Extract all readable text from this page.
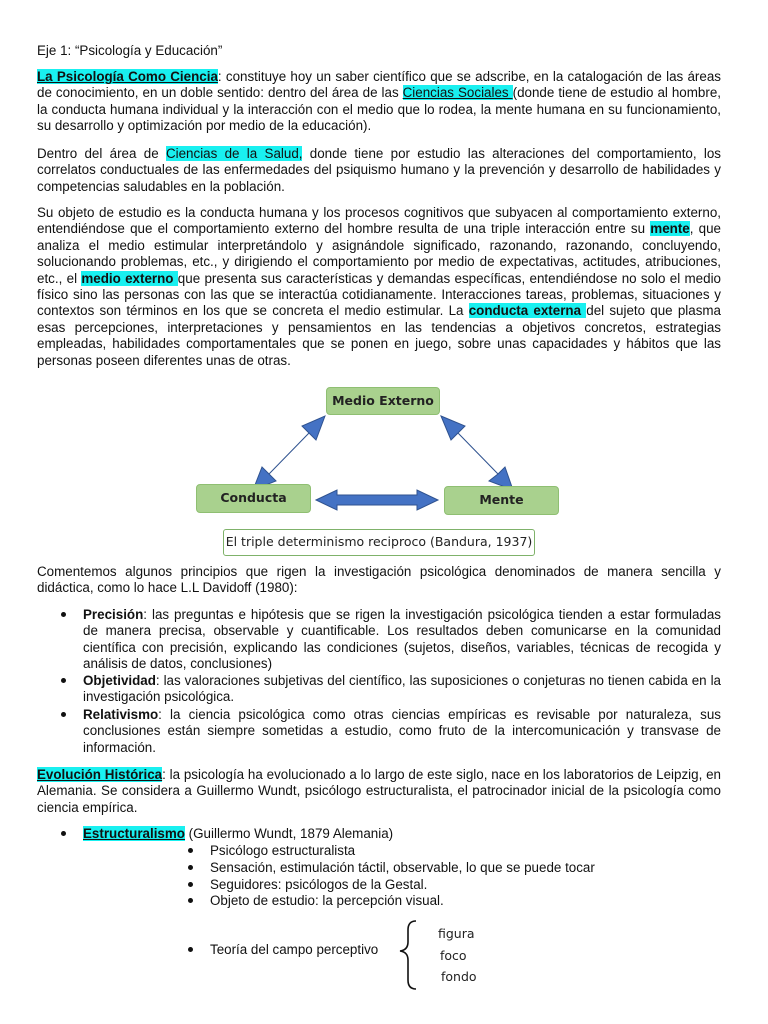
Eje 1: “Psicología y Educación”
La Psicología Como Ciencia: constituye hoy un saber científico que se adscribe, en la catalogación de las áreas de conocimiento, en un doble sentido: dentro del área de las Ciencias Sociales (donde tiene de estudio al hombre, la conducta humana individual y la interacción con el medio que lo rodea, la mente humana en su funcionamiento, su desarrollo y optimización por medio de la educación).
Dentro del área de Ciencias de la Salud, donde tiene por estudio las alteraciones del comportamiento, los correlatos conductuales de las enfermedades del psiquismo humano y la prevención y desarrollo de habilidades y competencias saludables en la población.
Su objeto de estudio es la conducta humana y los procesos cognitivos que subyacen al comportamiento externo, entendiéndose que el comportamiento externo del hombre resulta de una triple interacción entre su mente, que analiza el medio estimular interpretándolo y asignándole significado, razonando, razonando, concluyendo, solucionando problemas, etc., y dirigiendo el comportamiento por medio de expectativas, actitudes, atribuciones, etc., el medio externo que presenta sus características y demandas específicas, entendiéndose no solo el medio físico sino las personas con las que se interactúa cotidianamente. Interacciones tareas, problemas, situaciones y contextos son términos en los que se concreta el medio estimular. La conducta externa del sujeto que plasma esas percepciones, interpretaciones y pensamientos en las tendencias a objetivos concretos, estrategias empleadas, habilidades comportamentales que se ponen en juego, sobre unas capacidades y hábitos que las personas poseen diferentes unas de otras.
Medio Externo
Conducta	Mente
El triple determinismo reciproco (Bandura, 1937)
Comentemos algunos principios que rigen la investigación psicológica denominados de manera sencilla y didáctica, como lo hace L.L Davidoff (1980):
Precisión: las preguntas e hipótesis que se rigen la investigación psicológica tienden a estar formuladas de manera precisa, observable y cuantificable. Los resultados deben comunicarse en la comunidad científica con precisión, explicando las condiciones (sujetos, diseños, variables, técnicas de recogida y análisis de datos, conclusiones)
Objetividad: las valoraciones subjetivas del científico, las suposiciones o conjeturas no tienen cabida en la investigación psicológica.
Relativismo: la ciencia psicológica como otras ciencias empíricas es revisable por naturaleza, sus conclusiones están siempre sometidas a estudio, como fruto de la intercomunicación y transvase de información.
Evolución Histórica: la psicología ha evolucionado a lo largo de este siglo, nace en los laboratorios de Leipzig, en Alemania. Se considera a Guillermo Wundt, psicólogo estructuralista, el patrocinador inicial de la psicología como ciencia empírica.
Estructuralismo (Guillermo Wundt, 1879 Alemania)
Psicólogo estructuralista
Sensación, estimulación táctil, observable, lo que se puede tocar
Seguidores: psicólogos de la Gestal.
Objeto de estudio: la percepción visual.
Teoría del campo perceptivo
figura
foco
fondo
